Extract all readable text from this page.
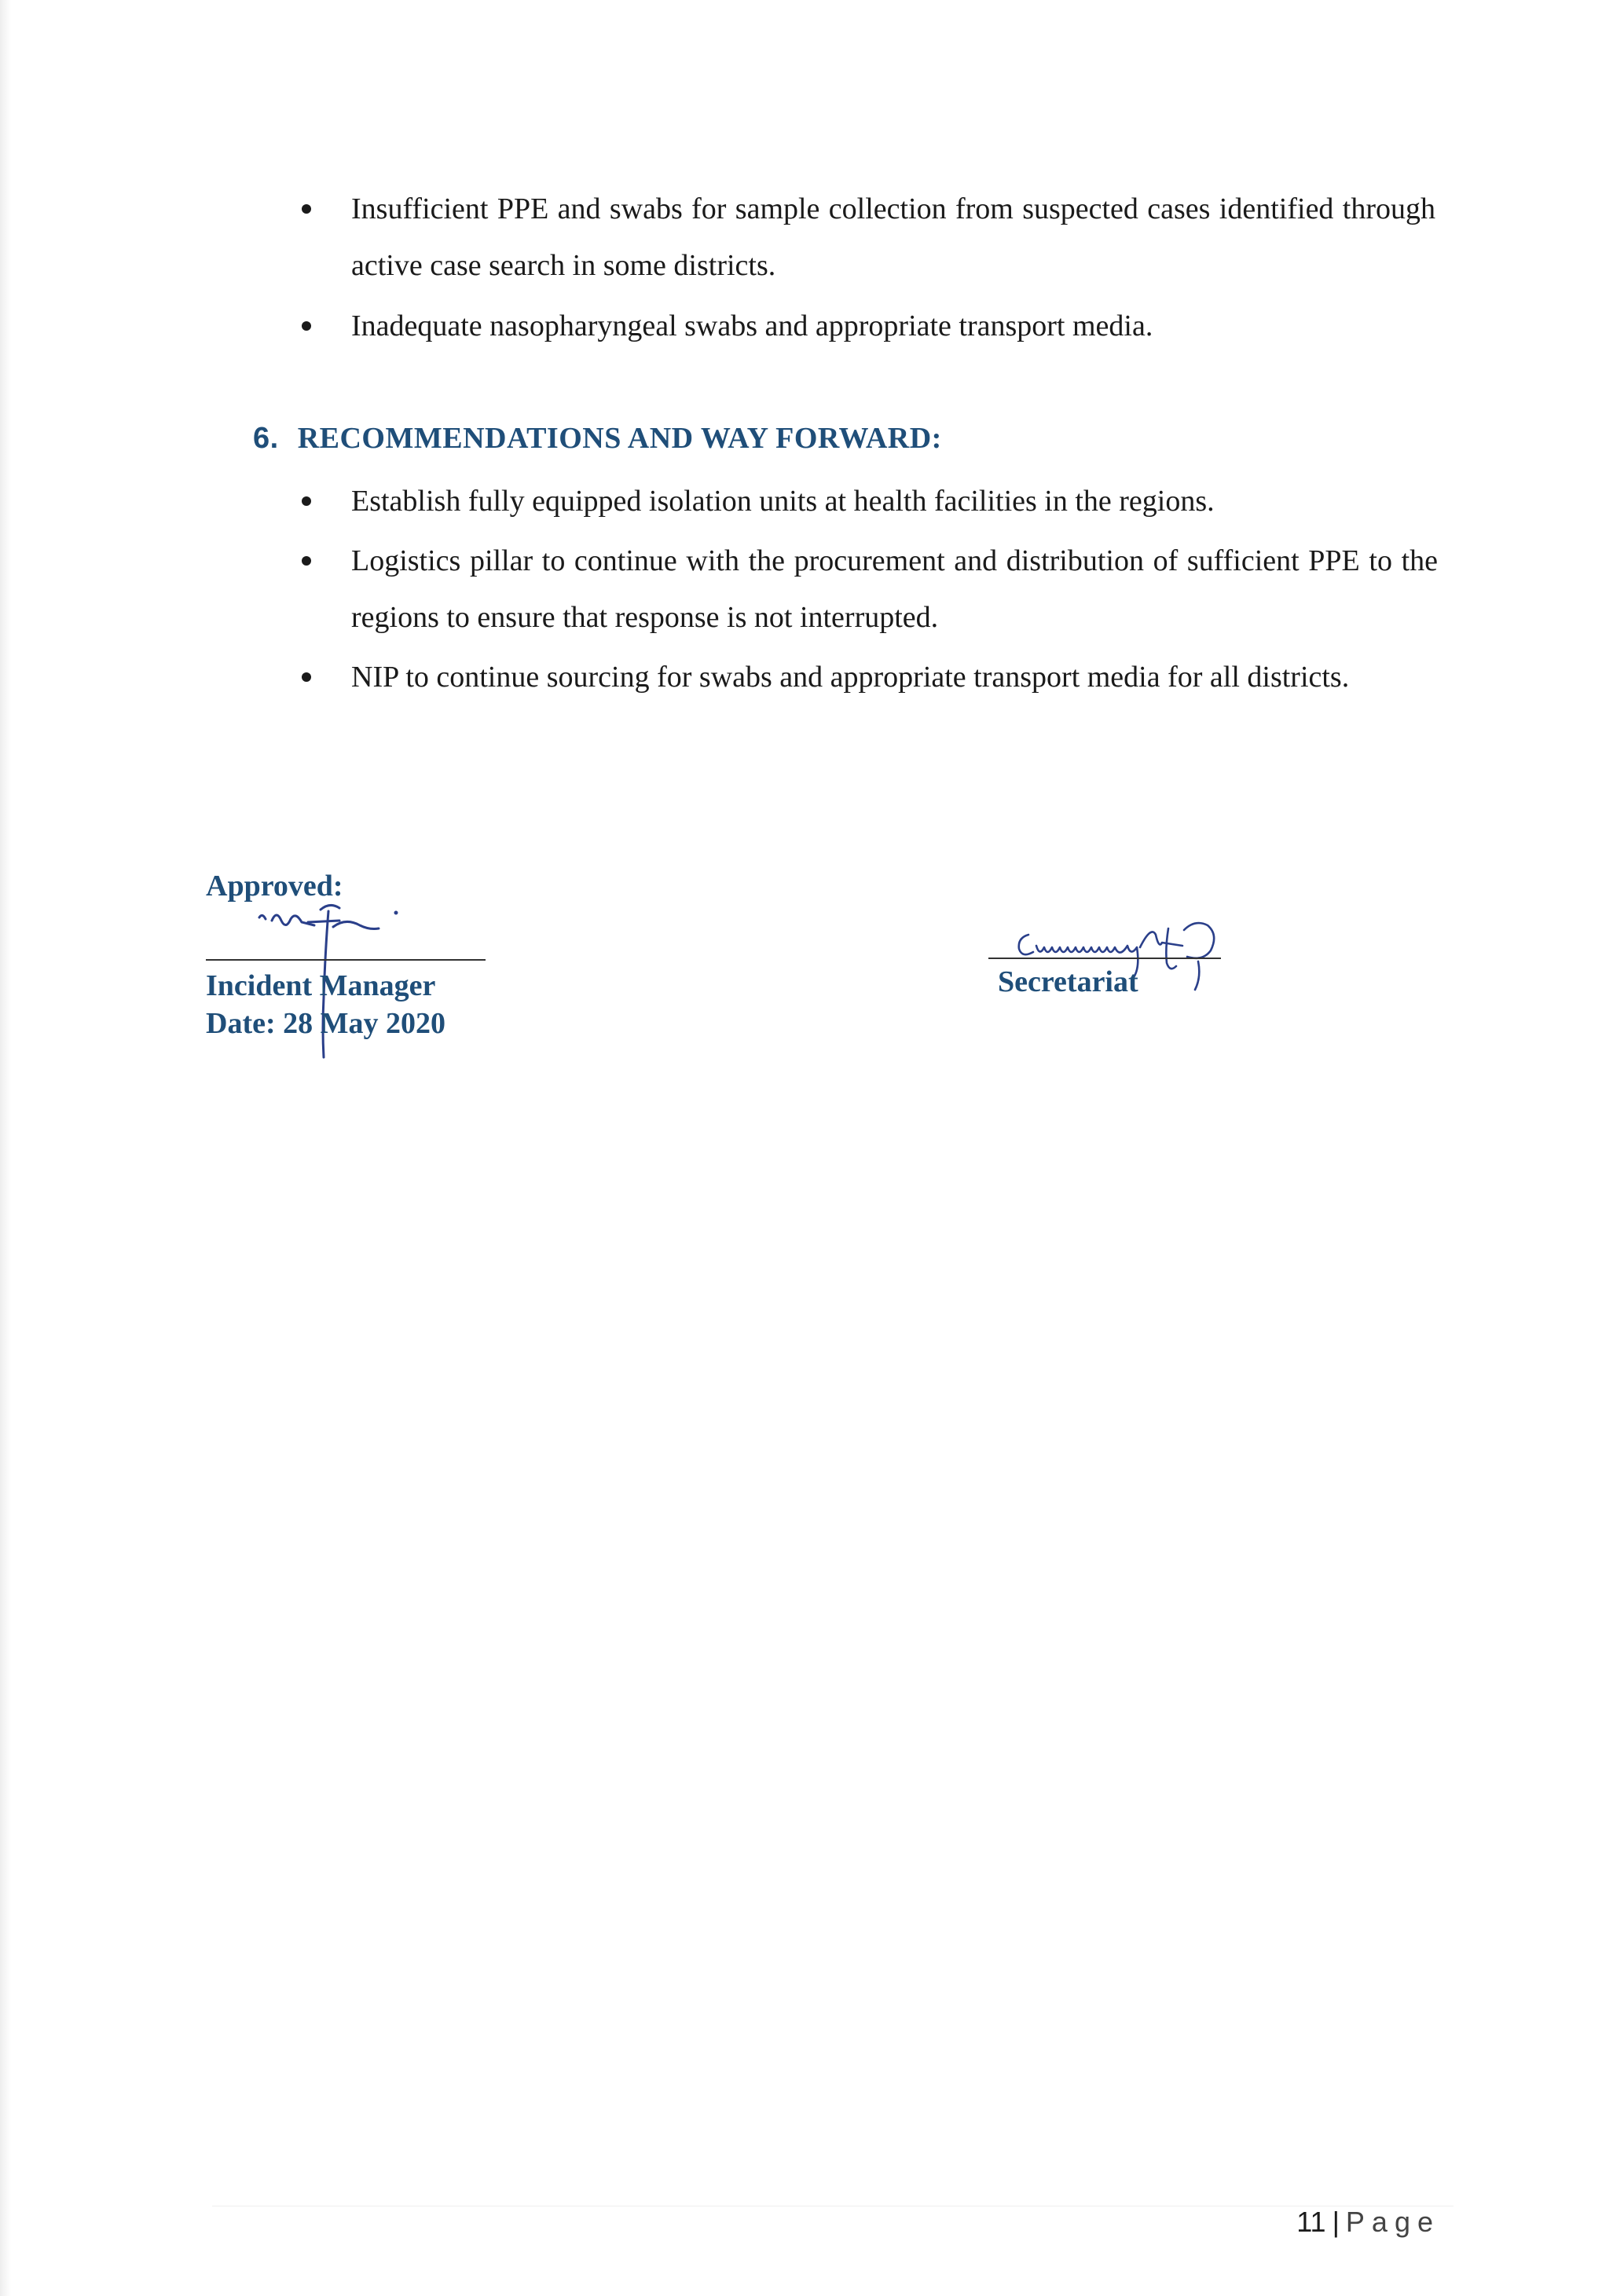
Insufficient PPE and swabs for sample collection from suspected cases identified through active case search in some districts.
Inadequate nasopharyngeal swabs and appropriate transport media.
6. RECOMMENDATIONS AND WAY FORWARD:
Establish fully equipped isolation units at health facilities in the regions.
Logistics pillar to continue with the procurement and distribution of sufficient PPE to the regions to ensure that response is not interrupted.
NIP to continue sourcing for swabs and appropriate transport media for all districts.
Approved:
Incident Manager
Date: 28 May 2020
Secretariat
11 | Page
